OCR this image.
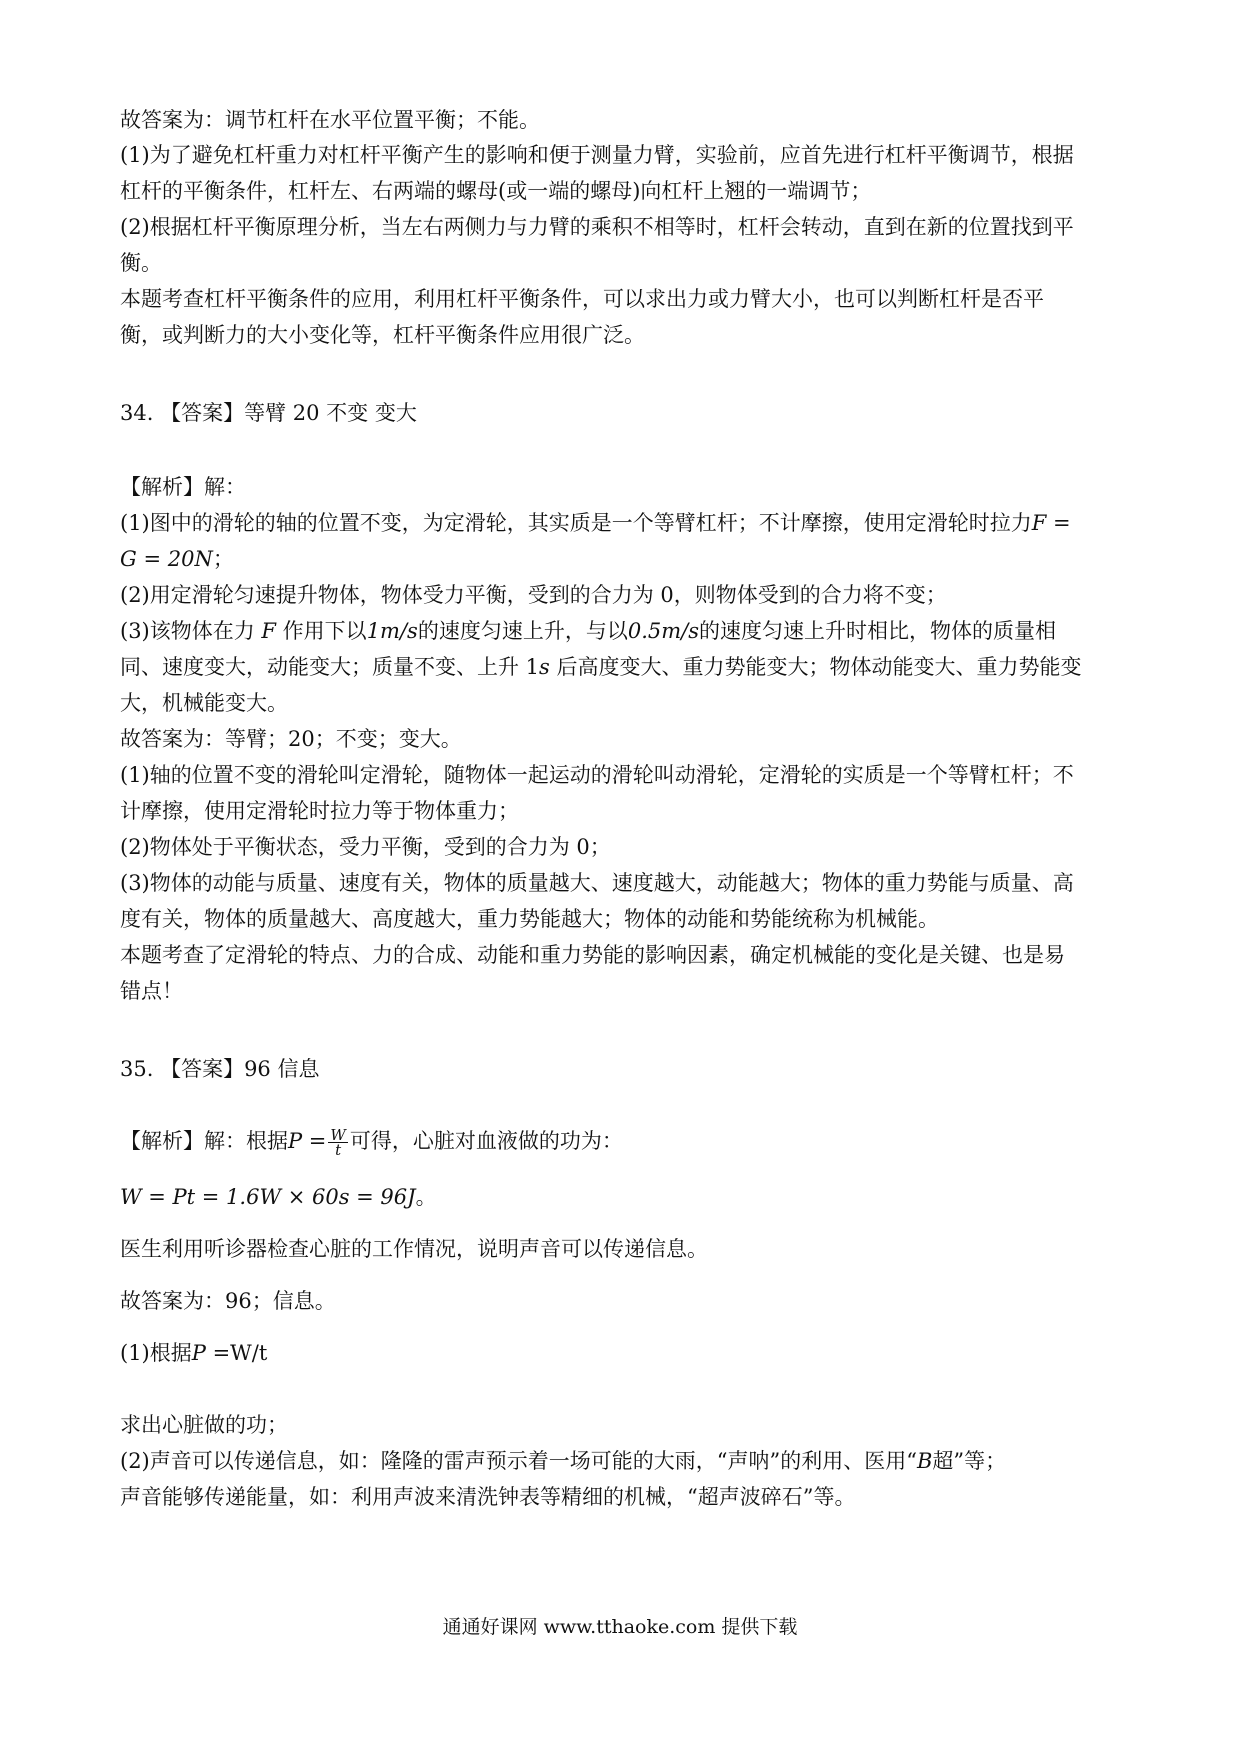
故答案为：调节杠杆在水平位置平衡；不能。
(1)为了避免杠杆重力对杠杆平衡产生的影响和便于测量力臂，实验前，应首先进行杠杆平衡调节，根据
杠杆的平衡条件，杠杆左、右两端的螺母(或一端的螺母)向杠杆上翘的一端调节；
(2)根据杠杆平衡原理分析，当左右两侧力与力臂的乘积不相等时，杠杆会转动，直到在新的位置找到平
衡。
本题考查杠杆平衡条件的应用，利用杠杆平衡条件，可以求出力或力臂大小，也可以判断杠杆是否平
衡，或判断力的大小变化等，杠杆平衡条件应用很广泛。
34. 【答案】等臂 20 不变 变大
【解析】解：
(1)图中的滑轮的轴的位置不变，为定滑轮，其实质是一个等臂杠杆；不计摩擦，使用定滑轮时拉力F =
G = 20N；
(2)用定滑轮匀速提升物体，物体受力平衡，受到的合力为 0，则物体受到的合力将不变；
(3)该物体在力 F 作用下以1m/s的速度匀速上升，与以0.5m/s的速度匀速上升时相比，物体的质量相
同、速度变大，动能变大；质量不变、上升 1s 后高度变大、重力势能变大；物体动能变大、重力势能变
大，机械能变大。
故答案为：等臂；20；不变；变大。
(1)轴的位置不变的滑轮叫定滑轮，随物体一起运动的滑轮叫动滑轮，定滑轮的实质是一个等臂杠杆；不
计摩擦，使用定滑轮时拉力等于物体重力；
(2)物体处于平衡状态，受力平衡，受到的合力为 0；
(3)物体的动能与质量、速度有关，物体的质量越大、速度越大，动能越大；物体的重力势能与质量、高
度有关，物体的质量越大、高度越大，重力势能越大；物体的动能和势能统称为机械能。
本题考查了定滑轮的特点、力的合成、动能和重力势能的影响因素，确定机械能的变化是关键、也是易
错点！
35. 【答案】96 信息
【解析】解：根据$P = \frac{W}{t}$ 可得，心脏对血液做的功为：
W = Pt = 1.6W × 60s = 96J。
医生利用听诊器检查心脏的工作情况，说明声音可以传递信息。
故答案为：96；信息。
(1)根据P =W/t
求出心脏做的功；
(2)声音可以传递信息，如：隆隆的雷声预示着一场可能的大雨，“声呐”的利用、医用“B超”等；
声音能够传递能量，如：利用声波来清洗钟表等精细的机械，“超声波碎石”等。
通通好课网 www.tthaoke.com 提供下载
